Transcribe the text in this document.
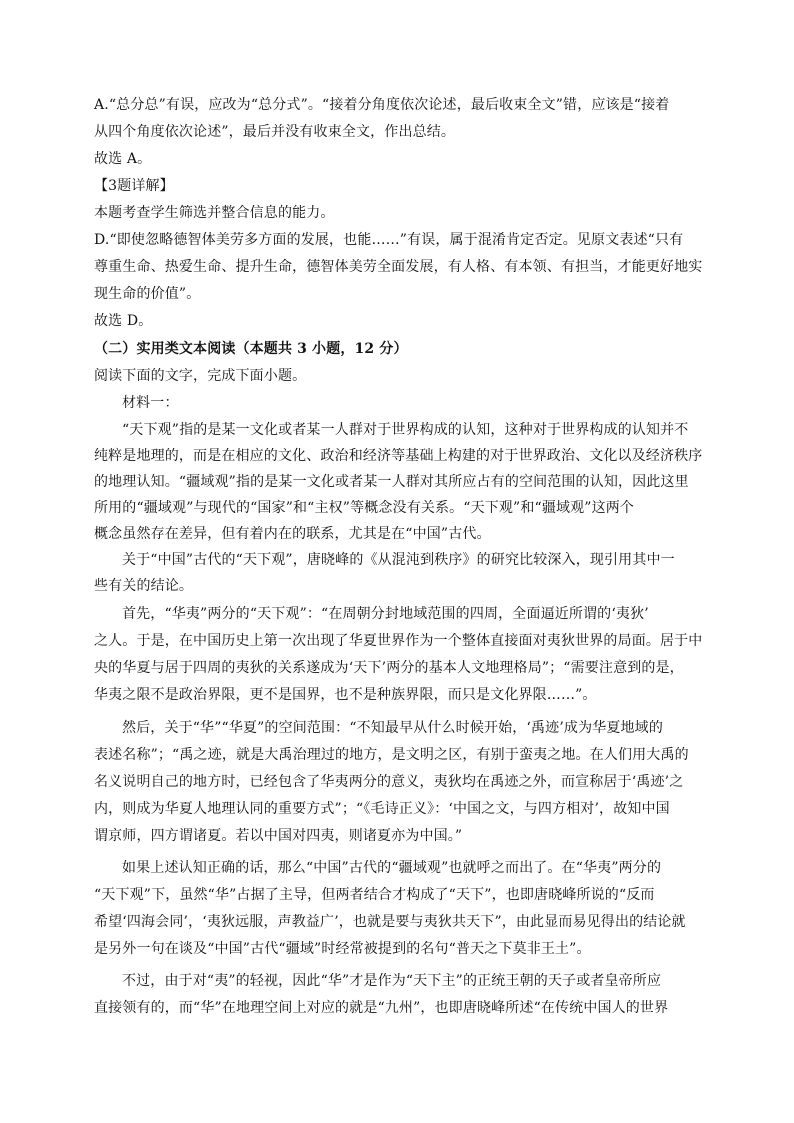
A.“总分总”有误，应改为“总分式”。“接着分角度依次论述，最后收束全文”错，应该是“接着
从四个角度依次论述”，最后并没有收束全文，作出总结。
故选 A。
【3题详解】
本题考查学生筛选并整合信息的能力。
D.“即使忽略德智体美劳多方面的发展，也能……”有误，属于混淆肯定否定。见原文表述“只有
尊重生命、热爱生命、提升生命，德智体美劳全面发展，有人格、有本领、有担当，才能更好地实
现生命的价值”。
故选 D。
（二）实用类文本阅读（本题共 3 小题，12 分）
阅读下面的文字，完成下面小题。
材料一：
“天下观”指的是某一文化或者某一人群对于世界构成的认知，这种对于世界构成的认知并不
纯粹是地理的，而是在相应的文化、政治和经济等基础上构建的对于世界政治、文化以及经济秩序
的地理认知。“疆域观”指的是某一文化或者某一人群对其所应占有的空间范围的认知，因此这里
所用的“疆域观”与现代的“国家”和“主权”等概念没有关系。“天下观”和“疆域观”这两个
概念虽然存在差异，但有着内在的联系，尤其是在“中国”古代。
关于“中国”古代的“天下观”，唐晓峰的《从混沌到秩序》的研究比较深入，现引用其中一
些有关的结论。
首先，“华夷”两分的“天下观”：“在周朝分封地域范围的四周，全面逼近所谓的‘夷狄’
之人。于是，在中国历史上第一次出现了华夏世界作为一个整体直接面对夷狄世界的局面。居于中
央的华夏与居于四周的夷狄的关系遂成为‘天下’两分的基本人文地理格局”；“需要注意到的是，
华夷之限不是政治界限，更不是国界，也不是种族界限，而只是文化界限……”。
然后，关于“华”“华夏”的空间范围：“不知最早从什么时候开始，‘禹迹’成为华夏地域的
表述名称”；“禹之迹，就是大禹治理过的地方，是文明之区，有别于蛮夷之地。在人们用大禹的
名义说明自己的地方时，已经包含了华夷两分的意义，夷狄均在禹迹之外，而宣称居于‘禹迹’之
内，则成为华夏人地理认同的重要方式”；“《毛诗正义》：‘中国之文，与四方相对’，故知中国
谓京师，四方谓诸夏。若以中国对四夷，则诸夏亦为中国。”
如果上述认知正确的话，那么“中国”古代的“疆域观”也就呼之而出了。在“华夷”两分的
“天下观”下，虽然“华”占据了主导，但两者结合才构成了“天下”，也即唐晓峰所说的“反而
希望‘四海会同’，‘夷狄远服，声教益广’，也就是要与夷狄共天下”，由此显而易见得出的结论就
是另外一句在谈及“中国”古代“疆域”时经常被提到的名句“普天之下莫非王土”。
不过，由于对“夷”的轻视，因此“华”才是作为“天下主”的正统王朝的天子或者皇帝所应
直接领有的，而“华”在地理空间上对应的就是“九州”，也即唐晓峰所述“在传统中国人的世界
